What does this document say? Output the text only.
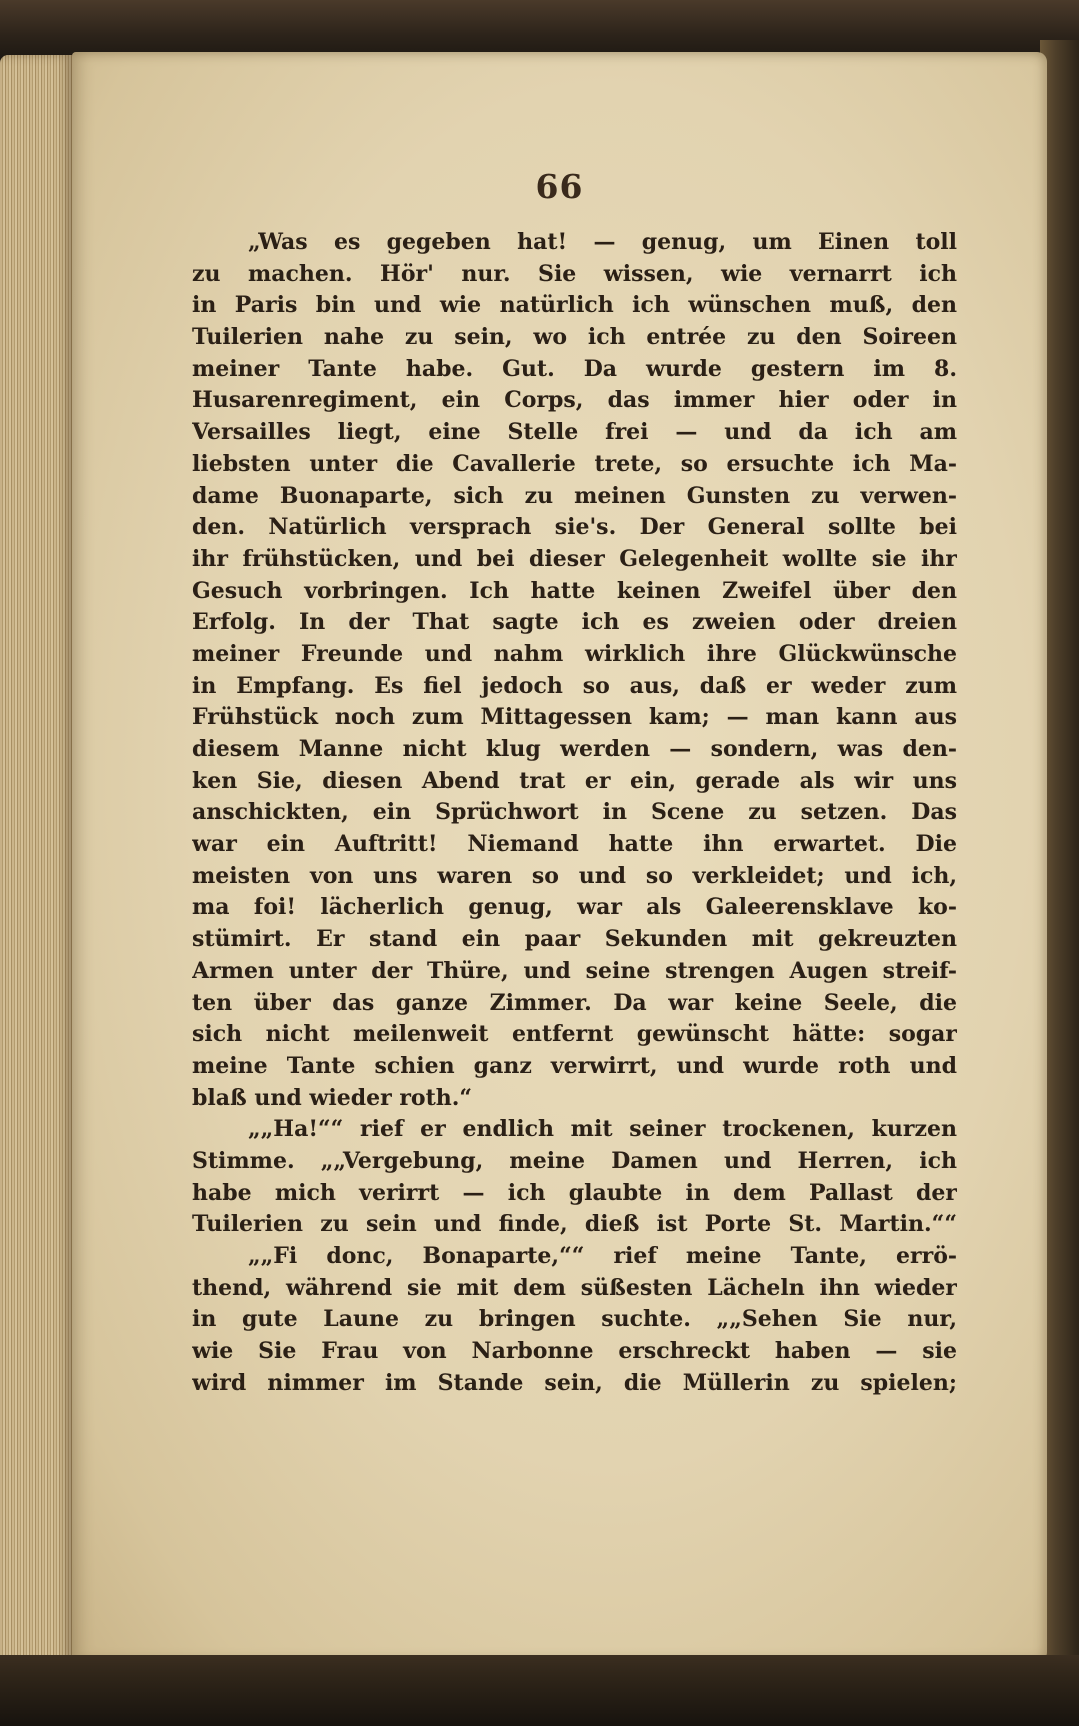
66
„Was es gegeben hat! — genug, um Einen toll
zu machen. Hör' nur. Sie wissen, wie vernarrt ich
in Paris bin und wie natürlich ich wünschen muß, den
Tuilerien nahe zu sein, wo ich entrée zu den Soireen
meiner Tante habe. Gut. Da wurde gestern im 8.
Husarenregiment, ein Corps, das immer hier oder in
Versailles liegt, eine Stelle frei — und da ich am
liebsten unter die Cavallerie trete, so ersuchte ich Ma-
dame Buonaparte, sich zu meinen Gunsten zu verwen-
den. Natürlich versprach sie's. Der General sollte bei
ihr frühstücken, und bei dieser Gelegenheit wollte sie ihr
Gesuch vorbringen. Ich hatte keinen Zweifel über den
Erfolg. In der That sagte ich es zweien oder dreien
meiner Freunde und nahm wirklich ihre Glückwünsche
in Empfang. Es fiel jedoch so aus, daß er weder zum
Frühstück noch zum Mittagessen kam; — man kann aus
diesem Manne nicht klug werden — sondern, was den-
ken Sie, diesen Abend trat er ein, gerade als wir uns
anschickten, ein Sprüchwort in Scene zu setzen. Das
war ein Auftritt! Niemand hatte ihn erwartet. Die
meisten von uns waren so und so verkleidet; und ich,
ma foi! lächerlich genug, war als Galeerensklave ko-
stümirt. Er stand ein paar Sekunden mit gekreuzten
Armen unter der Thüre, und seine strengen Augen streif-
ten über das ganze Zimmer. Da war keine Seele, die
sich nicht meilenweit entfernt gewünscht hätte: sogar
meine Tante schien ganz verwirrt, und wurde roth und
blaß und wieder roth.“
„„Ha!““ rief er endlich mit seiner trockenen, kurzen
Stimme. „„Vergebung, meine Damen und Herren, ich
habe mich verirrt — ich glaubte in dem Pallast der
Tuilerien zu sein und finde, dieß ist Porte St. Martin.““
„„Fi donc, Bonaparte,““ rief meine Tante, errö-
thend, während sie mit dem süßesten Lächeln ihn wieder
in gute Laune zu bringen suchte. „„Sehen Sie nur,
wie Sie Frau von Narbonne erschreckt haben — sie
wird nimmer im Stande sein, die Müllerin zu spielen;
